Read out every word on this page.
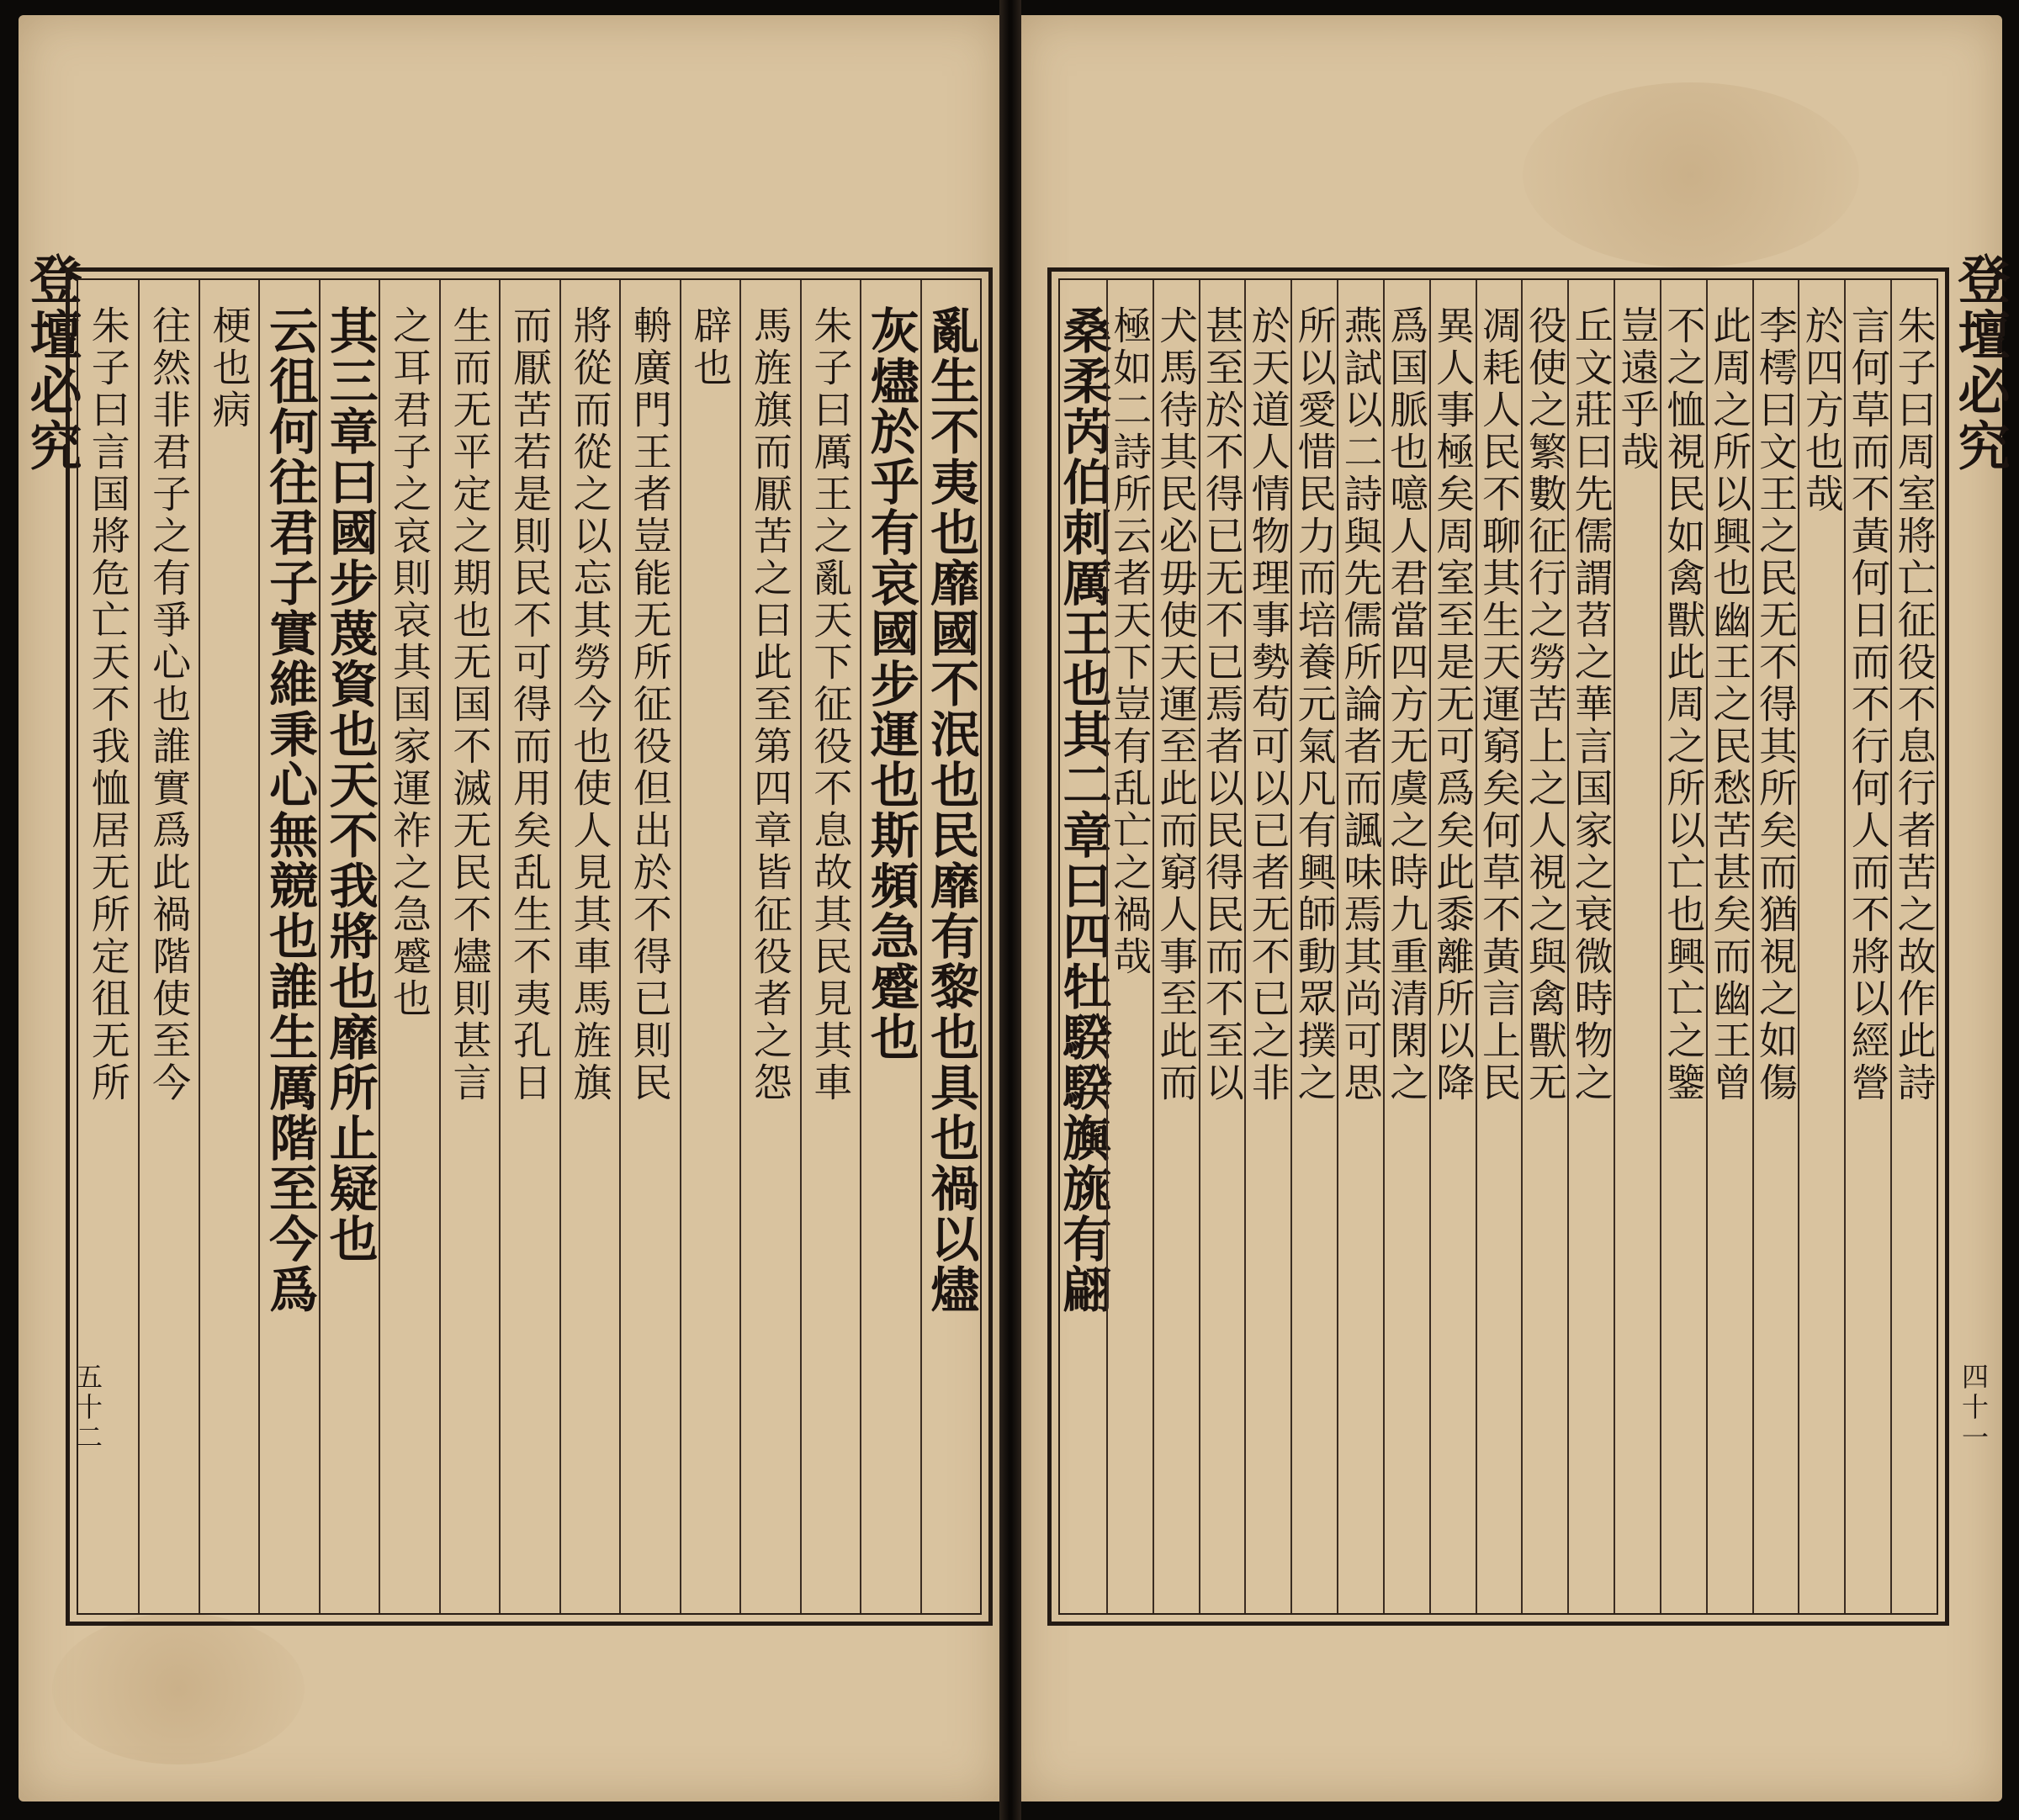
登壇必究	登壇必究
朱子曰言国將危亡天不我恤居无所定徂无所 往然非君子之有爭心也誰實爲此禍階使至今 梗也病 云徂何往君子實維秉心無競也誰生厲階至今爲 其三章曰國步蔑資也天不我將也靡所止疑也 之耳君子之哀則哀其国家運祚之急蹙也 生而无平定之期也无国不滅无民不燼則甚言 而厭苦若是則民不可得而用矣乱生不夷孔日 將從而從之以忘其勞今也使人見其車馬旌旗 輈廣門王者豈能无所征役但出於不得已則民 辟也 馬旌旗而厭苦之曰此至第四章皆征役者之怨 朱子曰厲王之亂天下征役不息故其民見其車 灰燼於乎有哀國步運也斯頻急蹙也 亂生不夷也靡國不泯也民靡有黎也具也禍以燼 桑柔芮伯刺厲王也其二章曰四牡騤騤旟旐有翩
極如二詩所云者天下豈有乱亡之禍哉 犬馬待其民必毋使天運至此而窮人事至此而 甚至於不得已无不已焉者以民得民而不至以 於天道人情物理事勢苟可以已者无不已之非 所以愛惜民力而培養元氣凡有興師動眾撲之 燕試以二詩與先儒所論者而諷味焉其尚可思 爲国脈也噫人君當四方无虞之時九重清閑之 異人事極矣周室至是无可爲矣此黍離所以降 凋耗人民不聊其生天運窮矣何草不黃言上民 役使之繁數征行之勞苦上之人視之與禽獸无 丘文莊曰先儒謂苕之華言国家之衰微時物之 豈遠乎哉 不之恤視民如禽獸此周之所以亡也興亡之鑒 此周之所以興也幽王之民愁苦甚矣而幽王曾 李樗曰文王之民无不得其所矣而猶視之如傷 於四方也哉 言何草而不黃何日而不行何人而不將以經營 朱子曰周室將亡征役不息行者苦之故作此詩
五十二	四十一
